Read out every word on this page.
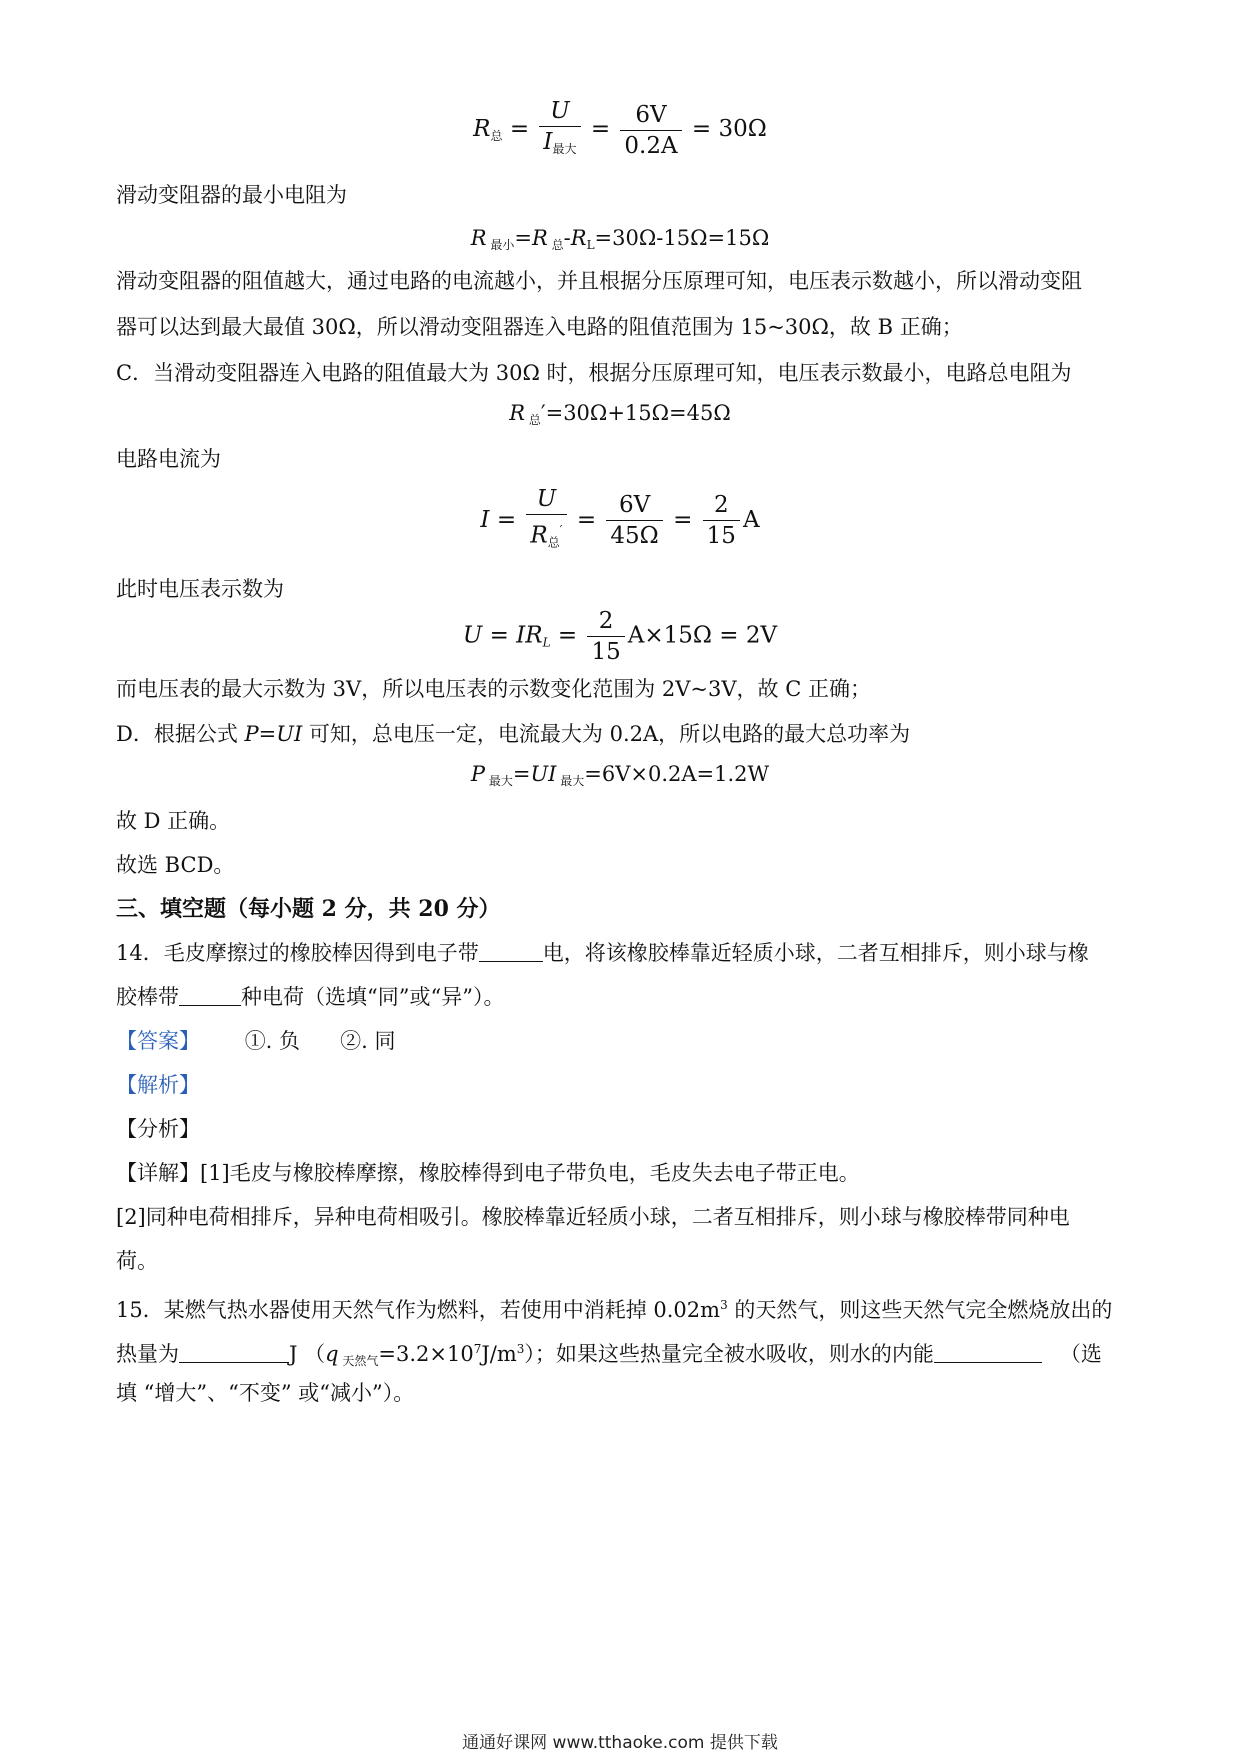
R总 = $\frac{U}{\text{I最大}} = \frac{6V}{0.2A} = 30\Omega$
滑动变阻器的最小电阻为
R 最小=R 总-RL=30Ω-15Ω=15Ω
滑动变阻器的阻值越大，通过电路的电流越小，并且根据分压原理可知，电压表示数越小，所以滑动变阻
器可以达到最大最值 30Ω，所以滑动变阻器连入电路的阻值范围为 15~30Ω，故 B 正确；
C．当滑动变阻器连入电路的阻值最大为 30Ω 时，根据分压原理可知，电压表示数最小，电路总电阻为
R 总′=30Ω+15Ω=45Ω
电路电流为
$I = \frac{U}{R总'} = \frac{6V}{45\Omega} = \frac{2}{15}$ A
此时电压表示数为
U = IRL = $\frac{2}{15} A\times 15\Omega = 2V$
而电压表的最大示数为 3V，所以电压表的示数变化范围为 2V~3V，故 C 正确；
D．根据公式 P=UI 可知，总电压一定，电流最大为 0.2A，所以电路的最大总功率为
P 最大=UI 最大=6V×0.2A=1.2W
故 D 正确。
故选 BCD。
三、填空题（每小题 2 分，共 20 分）
14．毛皮摩擦过的橡胶棒因得到电子带	电，将该橡胶棒靠近轻质小球，二者互相排斥，则小球与橡
胶棒带	种电荷（选填“同”或“异”）。
【答案】 ①. 负      ②. 同
【解析】
【分析】
【详解】[1]毛皮与橡胶棒摩擦，橡胶棒得到电子带负电，毛皮失去电子带正电。
[2]同种电荷相排斥，异种电荷相吸引。橡胶棒靠近轻质小球，二者互相排斥，则小球与橡胶棒带同种电
荷。
15．某燃气热水器使用天然气作为燃料，若使用中消耗掉 $0.02m^3$ 的天然气，则这些天然气完全燃烧放出的
热量为	J （q 天然气$=3.2\times 10^7J/m^3$）；如果这些热量完全被水吸收，则水的内能	（选
填 “增大”、“不变” 或“减小”）。
通通好课网 www.tthaoke.com 提供下载
